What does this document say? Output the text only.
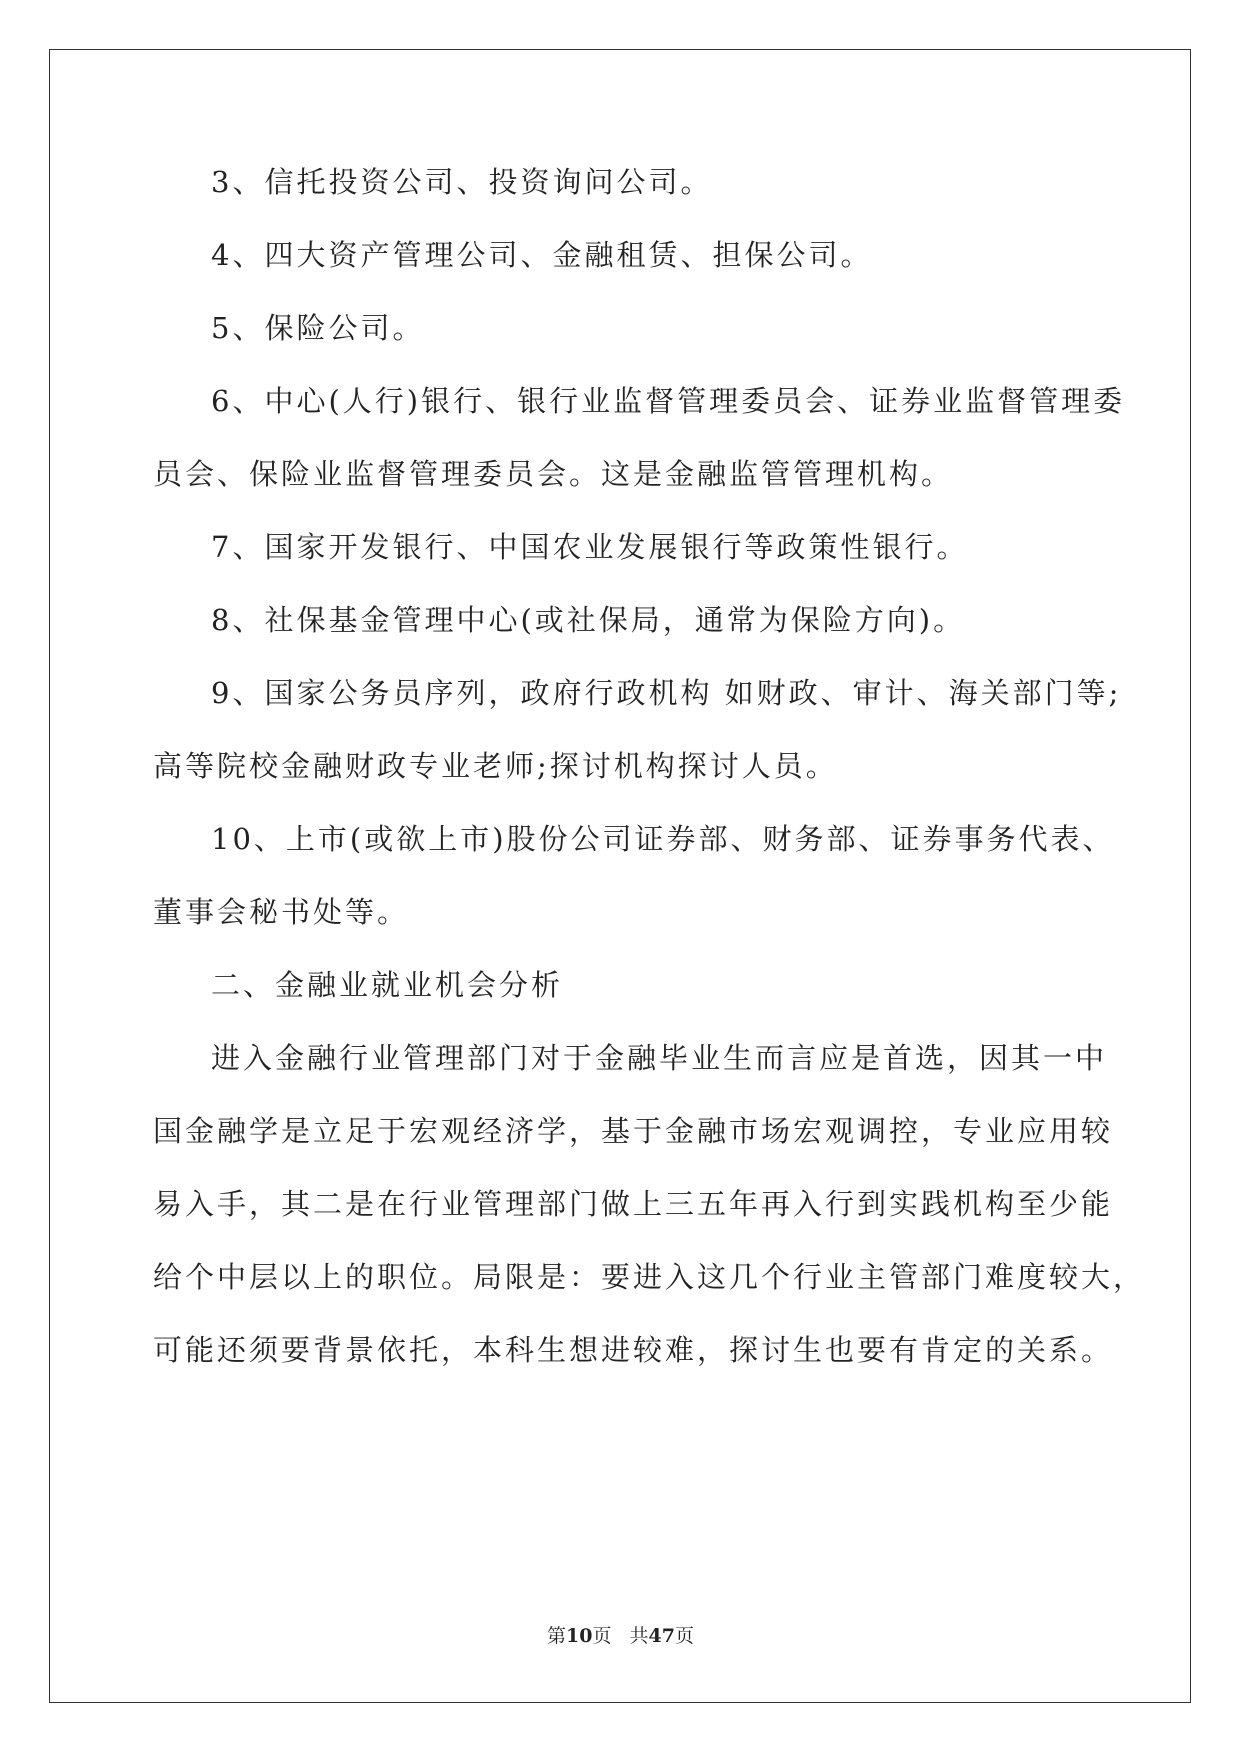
3、信托投资公司、投资询问公司。
4、四大资产管理公司、金融租赁、担保公司。
5、保险公司。
6、中心(人行)银行、银行业监督管理委员会、证券业监督管理委
员会、保险业监督管理委员会。这是金融监管管理机构。
7、国家开发银行、中国农业发展银行等政策性银行。
8、社保基金管理中心(或社保局，通常为保险方向)。
9、国家公务员序列，政府行政机构 如财政、审计、海关部门等;
高等院校金融财政专业老师;探讨机构探讨人员。
10、上市(或欲上市)股份公司证券部、财务部、证券事务代表、
董事会秘书处等。
二、金融业就业机会分析
进入金融行业管理部门对于金融毕业生而言应是首选，因其一中
国金融学是立足于宏观经济学，基于金融市场宏观调控，专业应用较
易入手，其二是在行业管理部门做上三五年再入行到实践机构至少能
给个中层以上的职位。局限是：要进入这几个行业主管部门难度较大，
可能还须要背景依托，本科生想进较难，探讨生也要有肯定的关系。
第10页 共47页
